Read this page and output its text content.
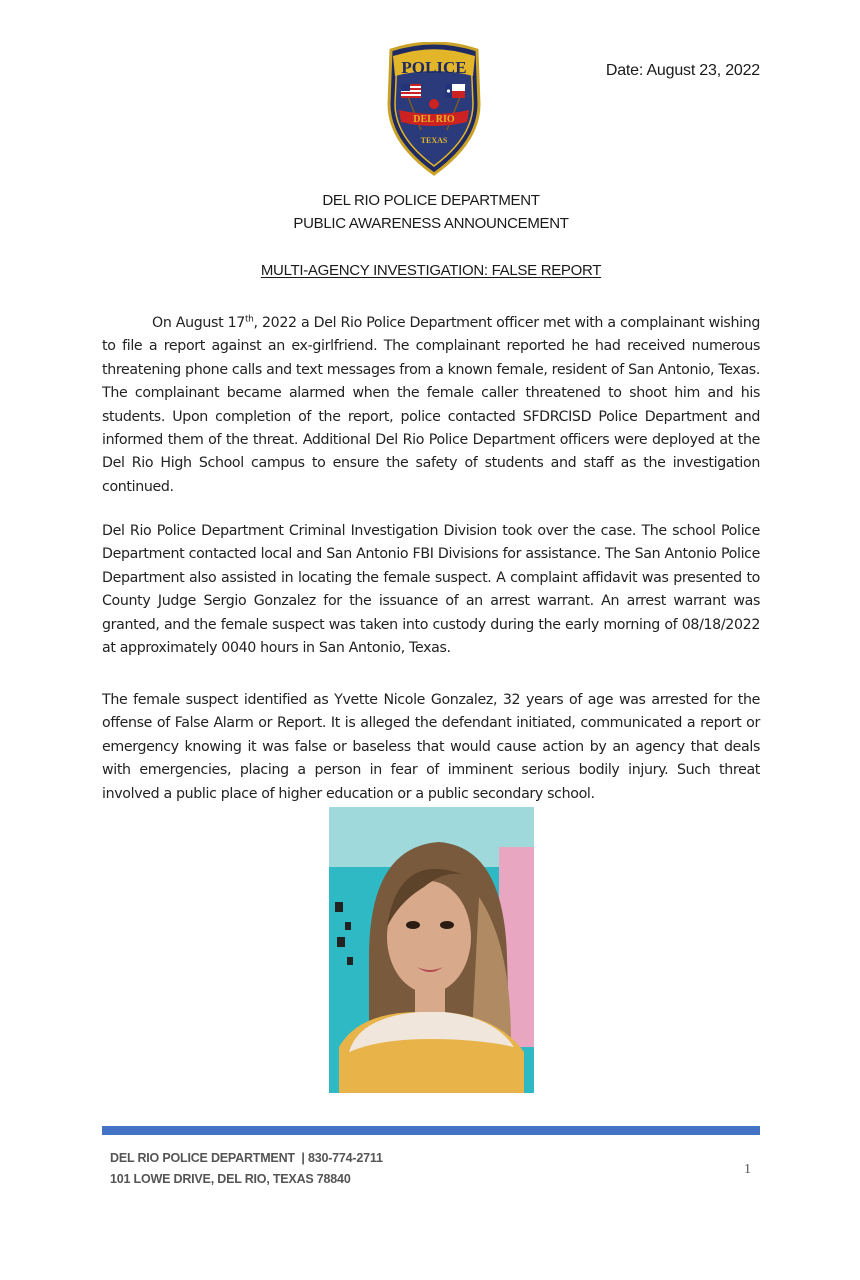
POLICE
DEL RIO
TEXAS
Date: August 23, 2022
DEL RIO POLICE DEPARTMENT
PUBLIC AWARENESS ANNOUNCEMENT
MULTI-AGENCY INVESTIGATION: FALSE REPORT

On August 17th, 2022 a Del Rio Police Department officer met with a complainant wishing to file a report against an ex-girlfriend. The complainant reported he had received numerous threatening phone calls and text messages from a known female, resident of San Antonio, Texas. The complainant became alarmed when the female caller threatened to shoot him and his students. Upon completion of the report, police contacted SFDRCISD Police Department and informed them of the threat. Additional Del Rio Police Department officers were deployed at the Del Rio High School campus to ensure the safety of students and staff as the investigation continued.

Del Rio Police Department Criminal Investigation Division took over the case. The school Police Department contacted local and San Antonio FBI Divisions for assistance. The San Antonio Police Department also assisted in locating the female suspect. A complaint affidavit was presented to County Judge Sergio Gonzalez for the issuance of an arrest warrant. An arrest warrant was granted, and the female suspect was taken into custody during the early morning of 08/18/2022 at approximately 0040 hours in San Antonio, Texas.

The female suspect identified as Yvette Nicole Gonzalez, 32 years of age was arrested for the offense of False Alarm or Report. It is alleged the defendant initiated, communicated a report or emergency knowing it was false or baseless that would cause action by an agency that deals with emergencies, placing a person in fear of imminent serious bodily injury. Such threat involved a public place of higher education or a public secondary school.

DEL RIO POLICE DEPARTMENT  | 830-774-2711
101 LOWE DRIVE, DEL RIO, TEXAS 78840
1
